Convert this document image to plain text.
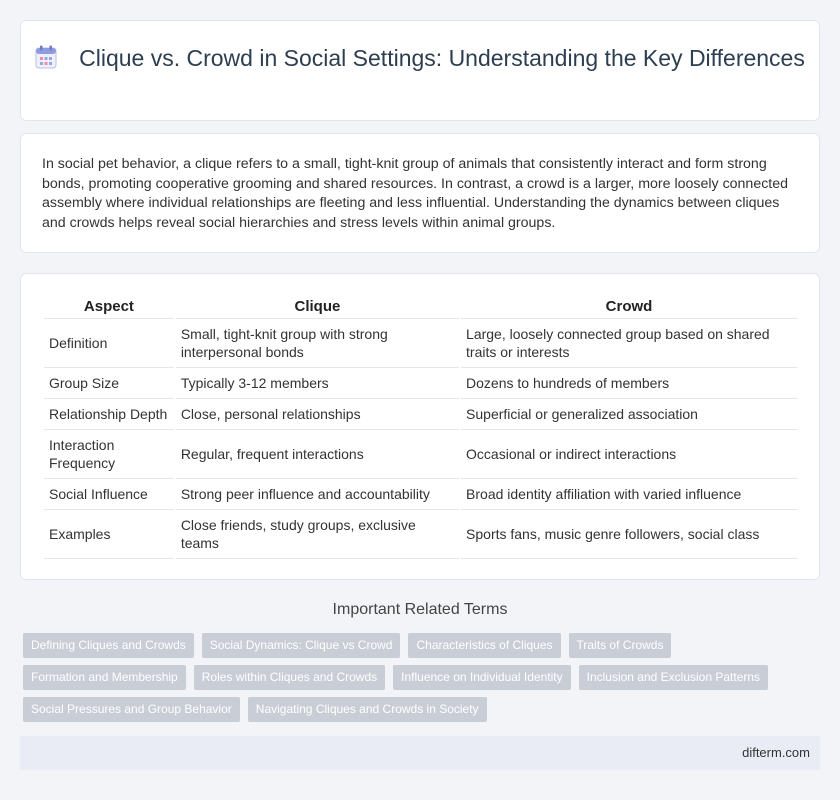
Clique vs. Crowd in Social Settings: Understanding the Key Differences

In social pet behavior, a clique refers to a small, tight-knit group of animals that consistently interact and form strong bonds, promoting cooperative grooming and shared resources. In contrast, a crowd is a larger, more loosely connected assembly where individual relationships are fleeting and less influential. Understanding the dynamics between cliques and crowds helps reveal social hierarchies and stress levels within animal groups.

Aspect	Clique	Crowd
Definition	Small, tight-knit group with strong interpersonal bonds	Large, loosely connected group based on shared traits or interests
Group Size	Typically 3-12 members	Dozens to hundreds of members
Relationship Depth	Close, personal relationships	Superficial or generalized association
Interaction Frequency	Regular, frequent interactions	Occasional or indirect interactions
Social Influence	Strong peer influence and accountability	Broad identity affiliation with varied influence
Examples	Close friends, study groups, exclusive teams	Sports fans, music genre followers, social class
Important Related Terms
Defining Cliques and Crowds	Social Dynamics: Clique vs Crowd	Characteristics of Cliques	Traits of Crowds
Formation and Membership	Roles within Cliques and Crowds	Influence on Individual Identity	Inclusion and Exclusion Patterns
Social Pressures and Group Behavior	Navigating Cliques and Crowds in Society
difterm.com
